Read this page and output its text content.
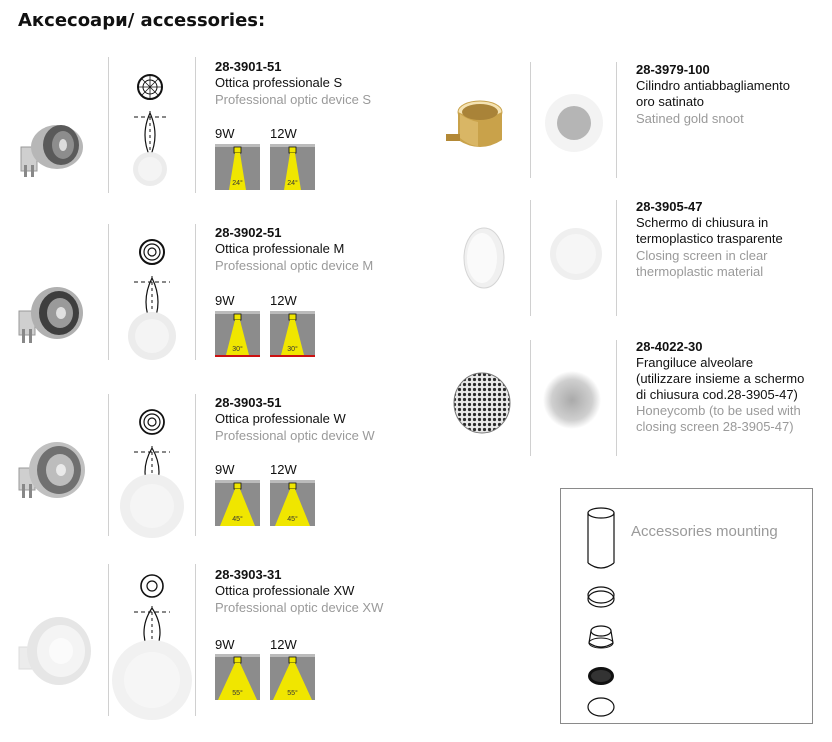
Аксесоари/ accessories:
28-3901-51
Ottica professionale S
Professional optic device S
9W	12W
24°	24°
28-3902-51
Ottica professionale M
Professional optic device M
9W	12W
30°	30°
28-3903-51
Ottica professionale W
Professional optic device W
9W	12W
45°	45°
28-3903-31
Ottica professionale XW
Professional optic device XW
9W	12W
55°	55°
28-3979-100
Cilindro antiabbagliamento
oro satinato
Satined gold snoot
28-3905-47
Schermo di chiusura in
termoplastico trasparente
Closing screen in clear
thermoplastic material
28-4022-30
Frangiluce alveolare
(utilizzare insieme a schermo
di chiusura cod.28-3905-47)
Honeycomb (to be used with
closing screen 28-3905-47)
Accessories mounting
